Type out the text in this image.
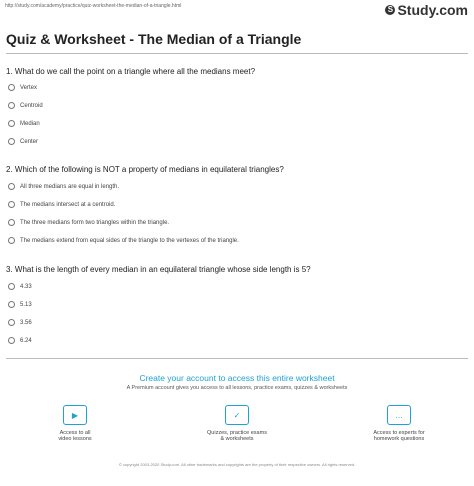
http://study.com/academy/practice/quiz-worksheet-the-median-of-a-triangle.html	S Study.com
Quiz & Worksheet - The Median of a Triangle
1. What do we call the point on a triangle where all the medians meet?
Vertex
Centroid
Median
Center
2. Which of the following is NOT a property of medians in equilateral triangles?
All three medians are equal in length.
The medians intersect at a centroid.
The three medians form two triangles within the triangle.
The medians extend from equal sides of the triangle to the vertexes of the triangle.
3. What is the length of every median in an equilateral triangle whose side length is 5?
4.33
5.13
3.56
6.24
Create your account to access this entire worksheet
A Premium account gives you access to all lessons, practice exams, quizzes & worksheets
▶
Access to all
video lessons
✓
Quizzes, practice exams
& worksheets
…
Access to experts for
homework questions
© copyright 2003-2020 Study.com. All other trademarks and copyrights are the property of their respective owners. All rights reserved.
